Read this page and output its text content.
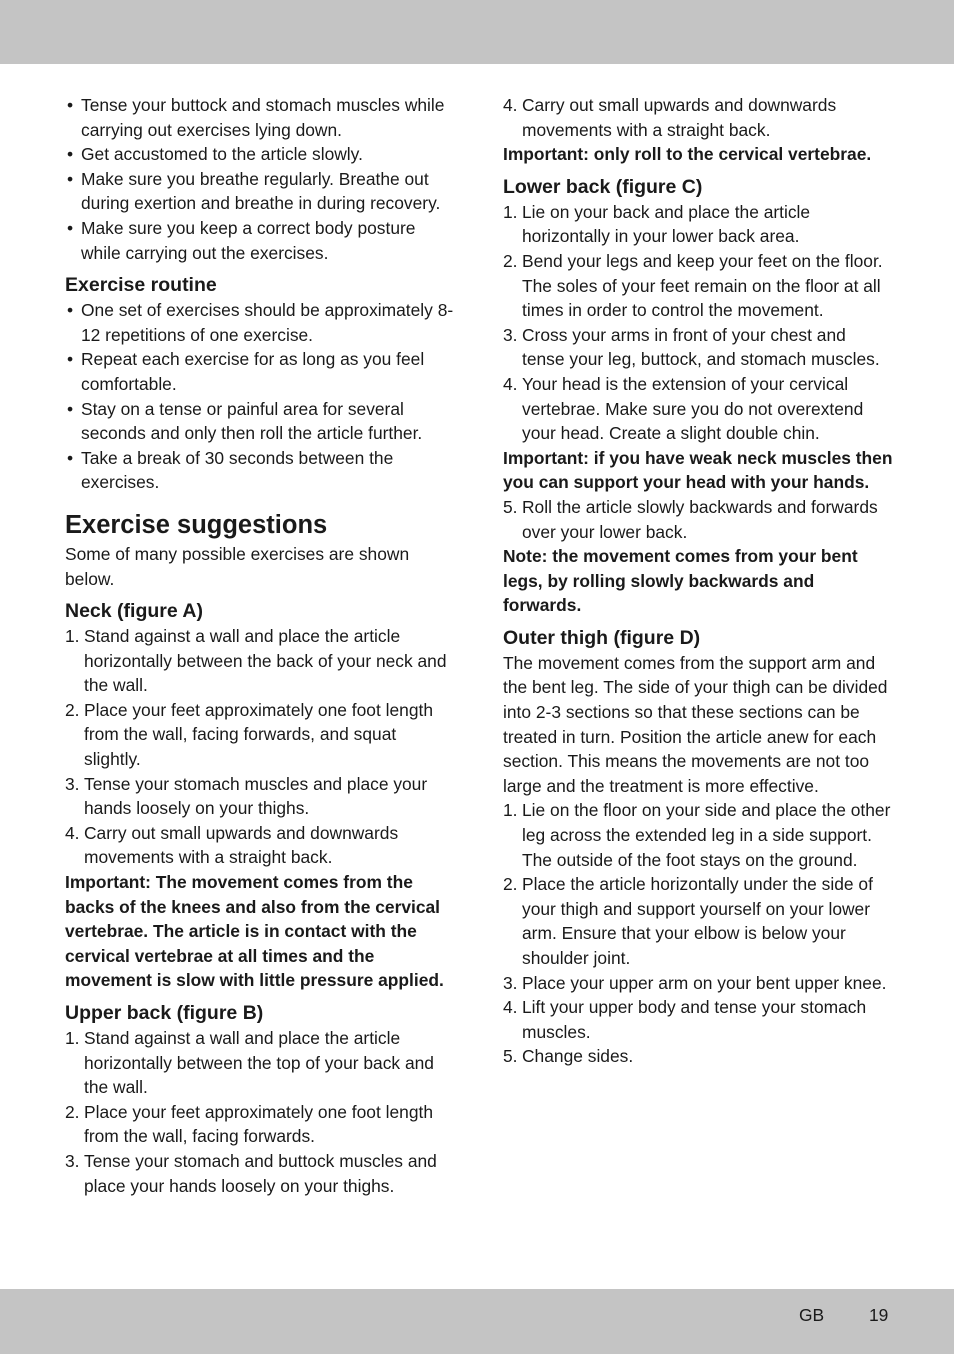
• Tense your buttock and stomach muscles while carrying out exercises lying down.
• Get accustomed to the article slowly.
• Make sure you breathe regularly. Breathe out during exertion and breathe in during recovery.
• Make sure you keep a correct body posture while carrying out the exercises.
Exercise routine
• One set of exercises should be approximately 8-12 repetitions of one exercise.
• Repeat each exercise for as long as you feel comfortable.
• Stay on a tense or painful area for several seconds and only then roll the article further.
• Take a break of 30 seconds between the exercises.
Exercise suggestions

Some of many possible exercises are shown below.

Neck (figure A)
1. Stand against a wall and place the article horizontally between the back of your neck and the wall.
2. Place your feet approximately one foot length from the wall, facing forwards, and squat slightly.
3. Tense your stomach muscles and place your hands loosely on your thighs.
4. Carry out small upwards and downwards movements with a straight back.

Important: The movement comes from the backs of the knees and also from the cervical vertebrae. The article is in contact with the cervical vertebrae at all times and the movement is slow with little pressure applied.

Upper back (figure B)
1. Stand against a wall and place the article horizontally between the top of your back and the wall.
2. Place your feet approximately one foot length from the wall, facing forwards.
3. Tense your stomach and buttock muscles and place your hands loosely on your thighs.
4. Carry out small upwards and downwards movements with a straight back.

Important: only roll to the cervical vertebrae.

Lower back (figure C)
1. Lie on your back and place the article horizontally in your lower back area.
2. Bend your legs and keep your feet on the floor. The soles of your feet remain on the floor at all times in order to control the movement.
3. Cross your arms in front of your chest and tense your leg, buttock, and stomach muscles.
4. Your head is the extension of your cervical vertebrae. Make sure you do not overextend your head. Create a slight double chin.

Important: if you have weak neck muscles then you can support your head with your hands.

5. Roll the article slowly backwards and forwards over your lower back.

Note: the movement comes from your bent legs, by rolling slowly backwards and forwards.

Outer thigh (figure D)

The movement comes from the support arm and the bent leg. The side of your thigh can be divided into 2-3 sections so that these sections can be treated in turn. Position the article anew for each section. This means the movements are not too large and the treatment is more effective.

1. Lie on the floor on your side and place the other leg across the extended leg in a side support. The outside of the foot stays on the ground.
2. Place the article horizontally under the side of your thigh and support yourself on your lower arm. Ensure that your elbow is below your shoulder joint.
3. Place your upper arm on your bent upper knee.
4. Lift your upper body and tense your stomach muscles.
5. Change sides.
GB	19
